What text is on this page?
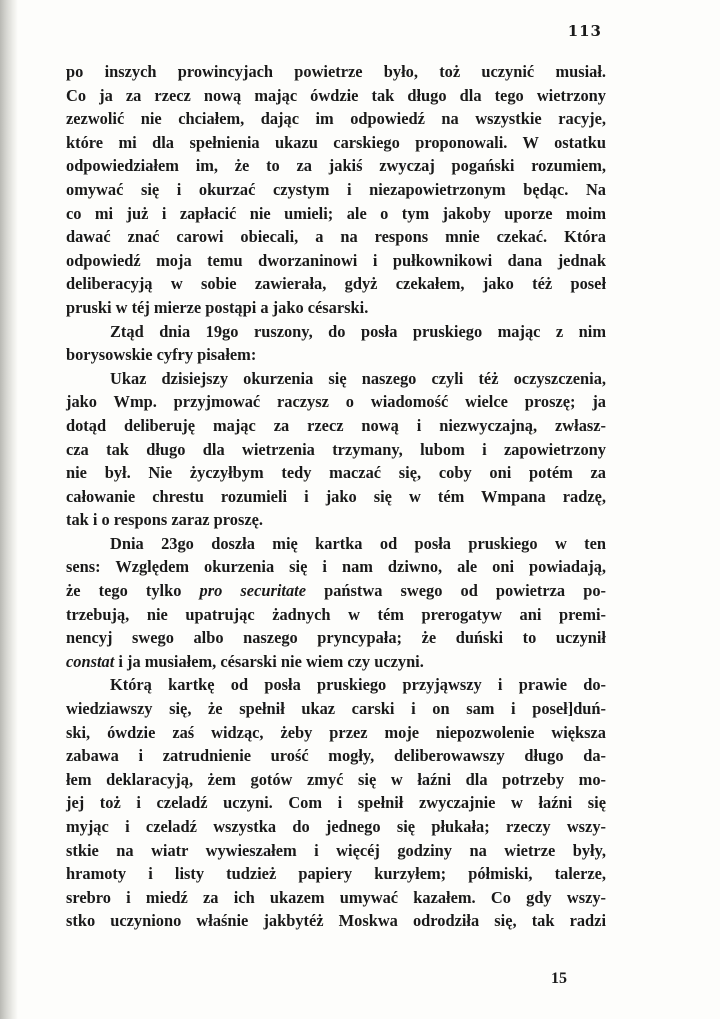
113
po inszych prowincyjach powietrze było, toż uczynić musiał.
Co ja za rzecz nową mając ówdzie tak długo dla tego wietrzony
zezwolić nie chciałem, dając im odpowiedź na wszystkie racyje,
które mi dla spełnienia ukazu carskiego proponowali. W ostatku
odpowiedziałem im, że to za jakiś zwyczaj pogański rozumiem,
omywać się i okurzać czystym i niezapowietrzonym będąc. Na
co mi już i zapłacić nie umieli; ale o tym jakoby uporze moim
dawać znać carowi obiecali, a na respons mnie czekać. Która
odpowiedź moja temu dworzaninowi i pułkownikowi dana jednak
deliberacyją w sobie zawierała, gdyż czekałem, jako téż poseł
pruski w téj mierze postąpi a jako césarski.
Ztąd dnia 19go ruszony, do posła pruskiego mając z nim
borysowskie cyfry pisałem:
Ukaz dzisiejszy okurzenia się naszego czyli téż oczyszczenia,
jako Wmp. przyjmować raczysz o wiadomość wielce proszę; ja
dotąd deliberuję mając za rzecz nową i niezwyczajną, zwłasz-
cza tak długo dla wietrzenia trzymany, lubom i zapowietrzony
nie był. Nie życzyłbym tedy maczać się, coby oni potém za
całowanie chrestu rozumieli i jako się w tém Wmpana radzę,
tak i o respons zaraz proszę.
Dnia 23go doszła mię kartka od posła pruskiego w ten
sens: Względem okurzenia się i nam dziwno, ale oni powiadają,
że tego tylko pro securitate państwa swego od powietrza po-
trzebują, nie upatrując żadnych w tém prerogatyw ani premi-
nencyj swego albo naszego pryncypała; że duński to uczynił
constat i ja musiałem, césarski nie wiem czy uczyni.
Którą kartkę od posła pruskiego przyjąwszy i prawie do-
wiedziawszy się, że spełnił ukaz carski i on sam i poseł]duń-
ski, ówdzie zaś widząc, żeby przez moje niepozwolenie większa
zabawa i zatrudnienie urość mogły, deliberowawszy długo da-
łem deklaracyją, żem gotów zmyć się w łaźni dla potrzeby mo-
jej toż i czeladź uczyni. Com i spełnił zwyczajnie w łaźni się
myjąc i czeladź wszystka do jednego się płukała; rzeczy wszy-
stkie na wiatr wywieszałem i więcéj godziny na wietrze były,
hramoty i listy tudzież papiery kurzyłem; półmiski, talerze,
srebro i miedź za ich ukazem umywać kazałem. Co gdy wszy-
stko uczyniono właśnie jakbytéż Moskwa odrodziła się, tak radzi
15
